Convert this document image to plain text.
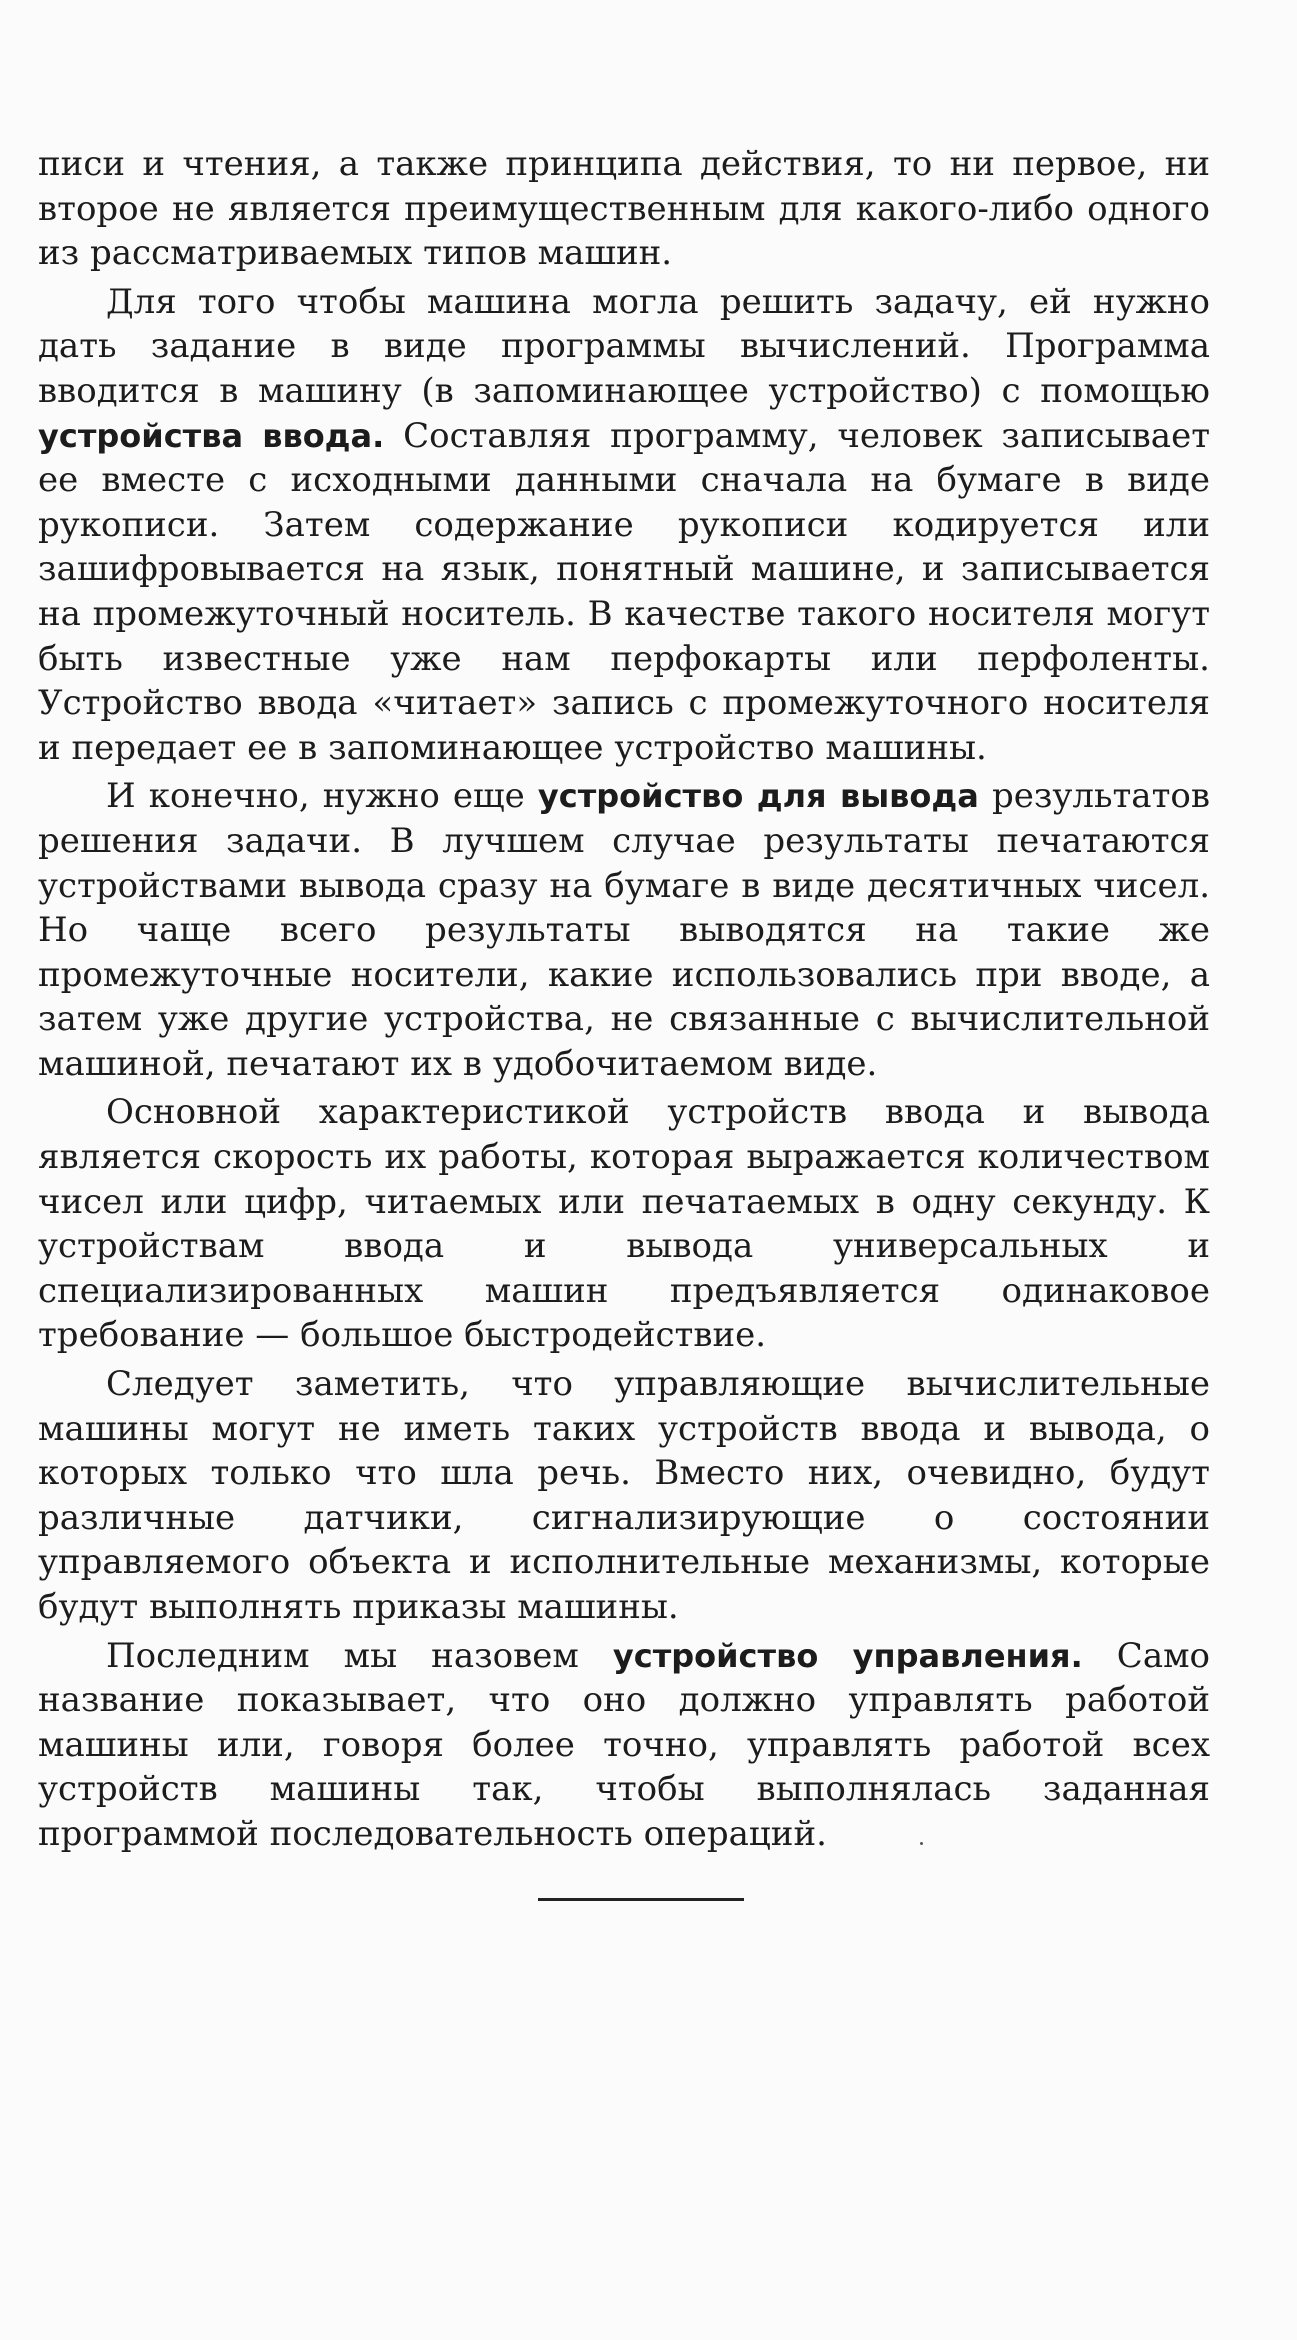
писи и чтения, а также принципа действия, то ни первое, ни второе не является преимущественным для какого-либо одного из рассматриваемых типов машин.

Для того чтобы машина могла решить задачу, ей нужно дать задание в виде программы вычислений. Программа вводится в машину (в запоминающее устройство) с помощью устройства ввода. Составляя программу, человек записывает ее вместе с исходными данными сначала на бумаге в виде рукописи. Затем содержание рукописи кодируется или зашифровывается на язык, понятный машине, и записывается на промежуточный носитель. В качестве такого носителя могут быть известные уже нам перфокарты или перфоленты. Устройство ввода «читает» запись с промежуточного носителя и передает ее в запоминающее устройство машины.

И конечно, нужно еще устройство для вывода результатов решения задачи. В лучшем случае результаты печатаются устройствами вывода сразу на бумаге в виде десятичных чисел. Но чаще всего результаты выводятся на такие же промежуточные носители, какие использовались при вводе, а затем уже другие устройства, не связанные с вычислительной машиной, печатают их в удобочитаемом виде.

Основной характеристикой устройств ввода и вывода является скорость их работы, которая выражается количеством чисел или цифр, читаемых или печатаемых в одну секунду. К устройствам ввода и вывода универсальных и специализированных машин предъявляется одинаковое требование — большое быстродействие.

Следует заметить, что управляющие вычислительные машины могут не иметь таких устройств ввода и вывода, о которых только что шла речь. Вместо них, очевидно, будут различные датчики, сигнализирующие о состоянии управляемого объекта и исполнительные механизмы, которые будут выполнять приказы машины.

Последним мы назовем устройство управления. Само название показывает, что оно должно управлять работой машины или, говоря более точно, управлять работой всех устройств машины так, чтобы выполнялась заданная программой последовательность операций.
